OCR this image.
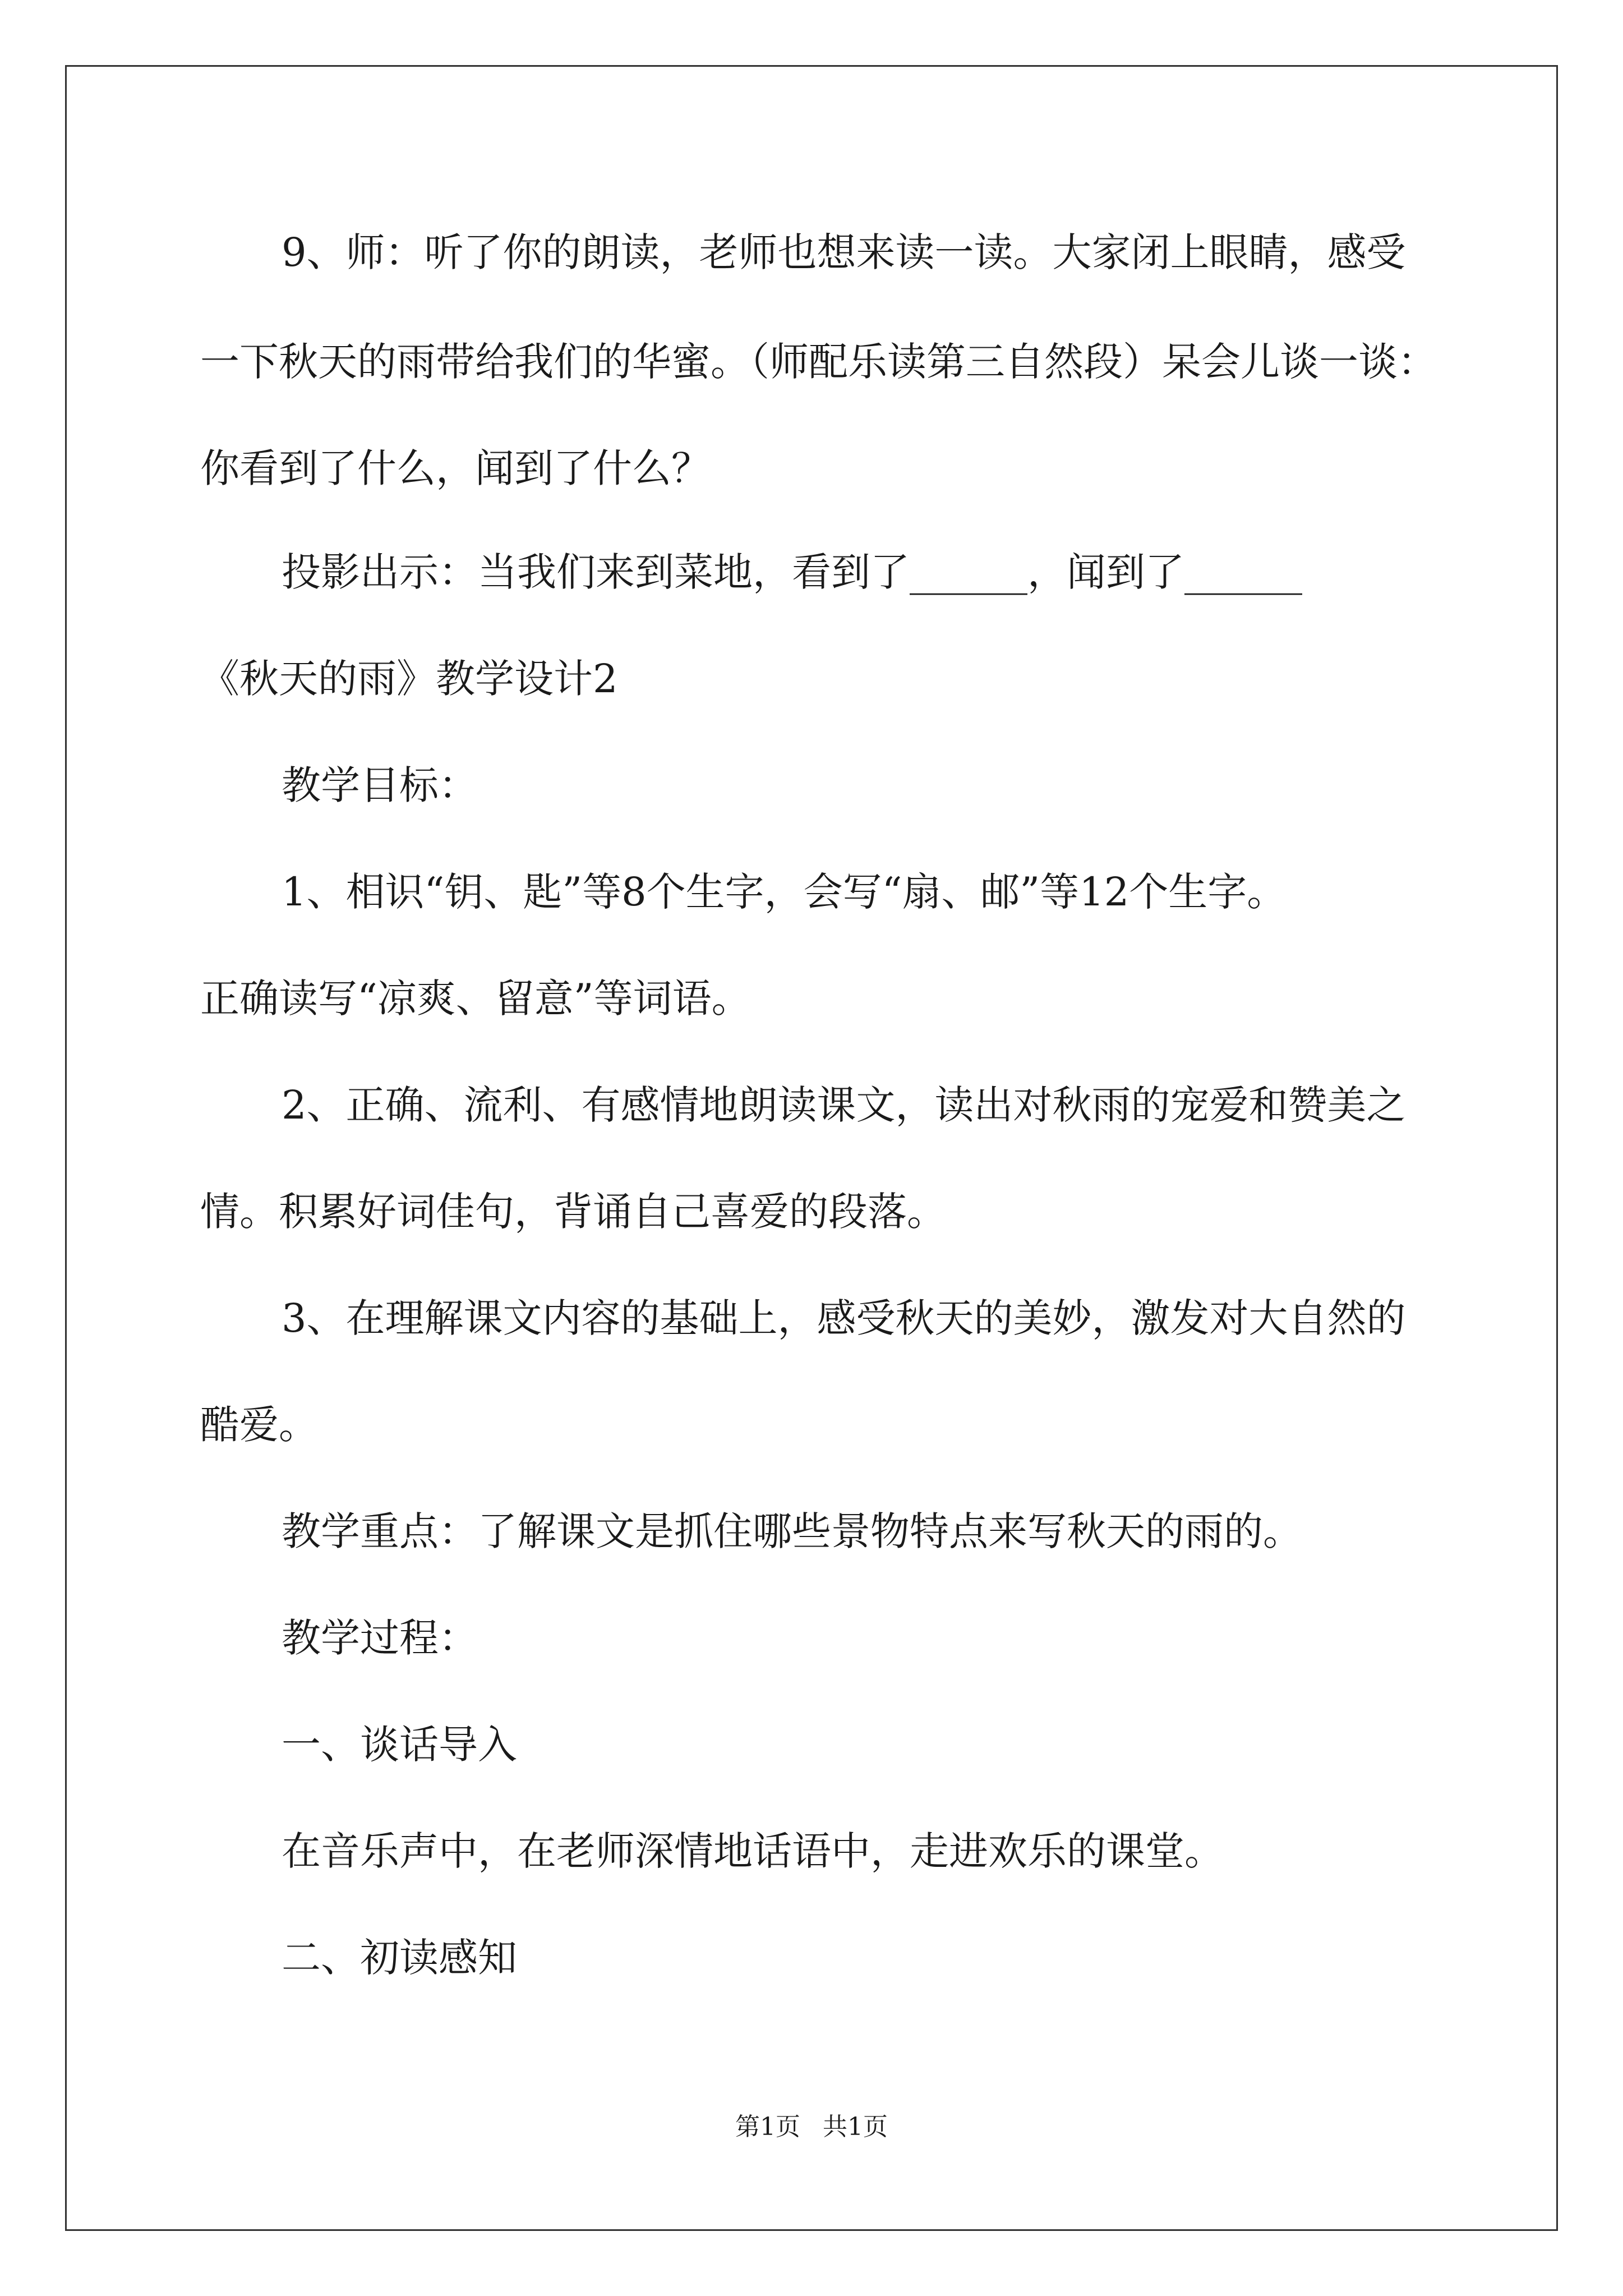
9、师：听了你的朗读，老师也想来读一读。大家闭上眼睛，感受
一下秋天的雨带给我们的华蜜。（师配乐读第三自然段）呆会儿谈一谈：
你看到了什么，闻到了什么？
投影出示：当我们来到菜地，看到了______，闻到了______
《秋天的雨》教学设计2
教学目标：
1、相识“钥、匙”等8个生字，会写“扇、邮”等12个生字。
正确读写“凉爽、留意”等词语。
2、正确、流利、有感情地朗读课文，读出对秋雨的宠爱和赞美之
情。积累好词佳句，背诵自己喜爱的段落。
3、在理解课文内容的基础上，感受秋天的美妙，激发对大自然的
酷爱。
教学重点：了解课文是抓住哪些景物特点来写秋天的雨的。
教学过程：
一、谈话导入
在音乐声中，在老师深情地话语中，走进欢乐的课堂。
二、初读感知
第1页 共1页
